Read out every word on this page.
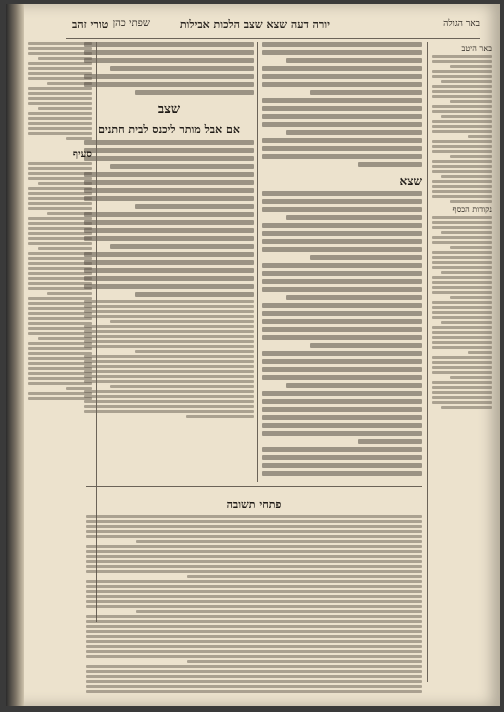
באר הגולה
יורה דעה שצא שצב הלכות אבילות
שפתי כהן
טורי זהב
באר היטב
נקודות הכסף
שצא
שצב
אם אבל מותר ליכנס לבית חתנים
סעיף
פתחי תשובה
